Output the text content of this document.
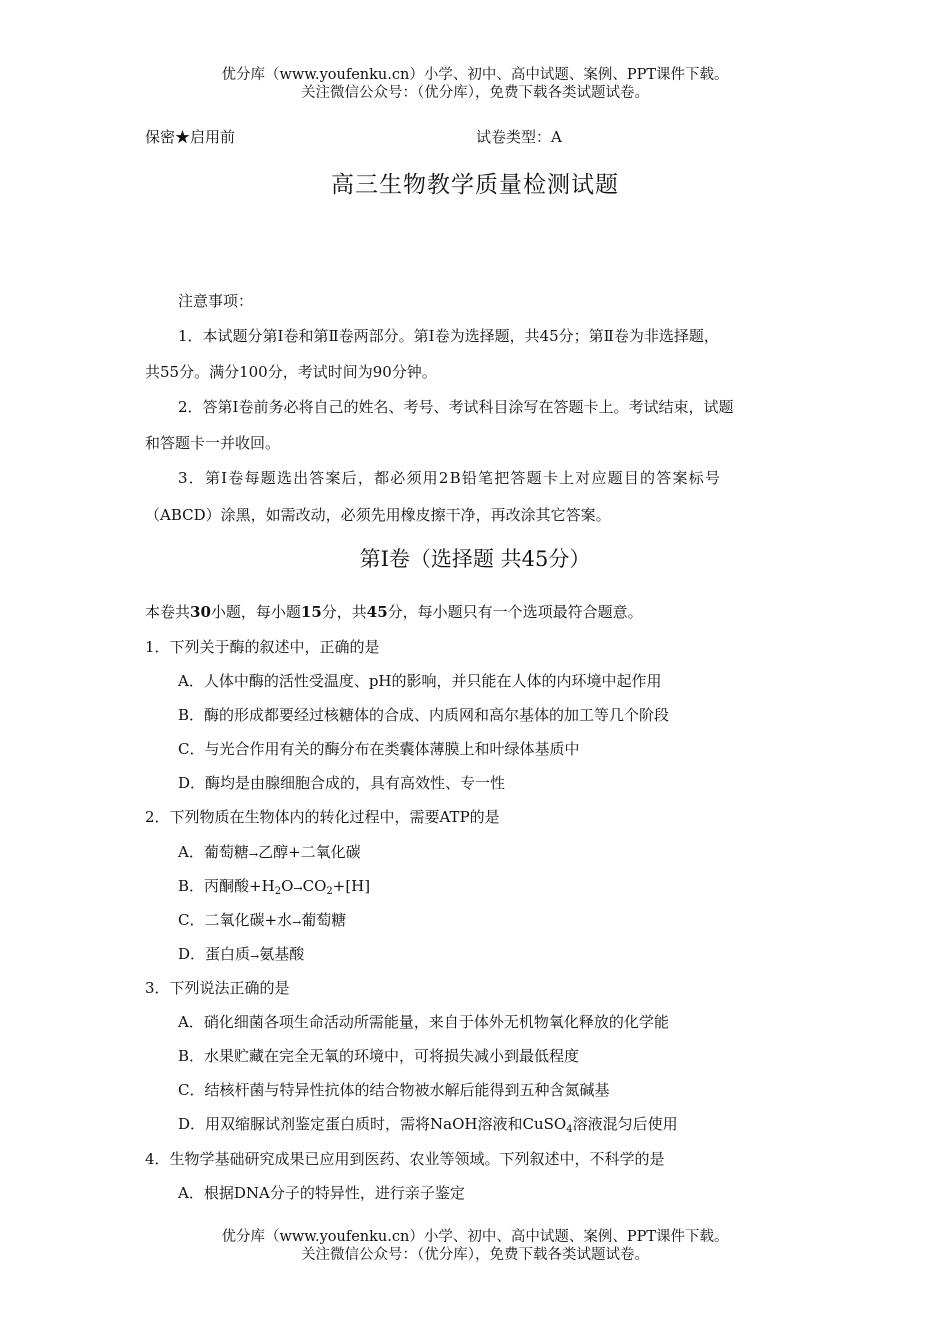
优分库（www.youfenku.cn）小学、初中、高中试题、案例、PPT课件下载。
关注微信公众号：（优分库），免费下载各类试题试卷。
保密★启用前	试卷类型：A
高三生物教学质量检测试题
注意事项：
1．本试题分第Ⅰ卷和第Ⅱ卷两部分。第Ⅰ卷为选择题，共45分；第Ⅱ卷为非选择题，
共55分。满分100分，考试时间为90分钟。
2．答第Ⅰ卷前务必将自己的姓名、考号、考试科目涂写在答题卡上。考试结束，试题
和答题卡一并收回。
3．第Ⅰ卷每题选出答案后，都必须用2B铅笔把答题卡上对应题目的答案标号
（ABCD）涂黑，如需改动，必须先用橡皮擦干净，再改涂其它答案。
第Ⅰ卷（选择题 共45分）
本卷共30小题，每小题15分，共45分，每小题只有一个选项最符合题意。
1．下列关于酶的叙述中，正确的是
A．人体中酶的活性受温度、pH的影响，并只能在人体的内环境中起作用
B．酶的形成都要经过核糖体的合成、内质网和高尔基体的加工等几个阶段
C．与光合作用有关的酶分布在类囊体薄膜上和叶绿体基质中
D．酶均是由腺细胞合成的，具有高效性、专一性
2．下列物质在生物体内的转化过程中，需要ATP的是
A．葡萄糖→乙醇+二氧化碳
B．丙酮酸$+H_2O\to CO_2+[H]$
C．二氧化碳+水→葡萄糖
D．蛋白质→氨基酸
3．下列说法正确的是
A．硝化细菌各项生命活动所需能量，来自于体外无机物氧化释放的化学能
B．水果贮藏在完全无氧的环境中，可将损失减小到最低程度
C．结核杆菌与特异性抗体的结合物被水解后能得到五种含氮碱基
D．用双缩脲试剂鉴定蛋白质时，需将NaOH溶液和CuSO$_4$溶液混匀后使用
4．生物学基础研究成果已应用到医药、农业等领域。下列叙述中，不科学的是
A．根据DNA分子的特异性，进行亲子鉴定
优分库（www.youfenku.cn）小学、初中、高中试题、案例、PPT课件下载。
关注微信公众号：（优分库），免费下载各类试题试卷。
